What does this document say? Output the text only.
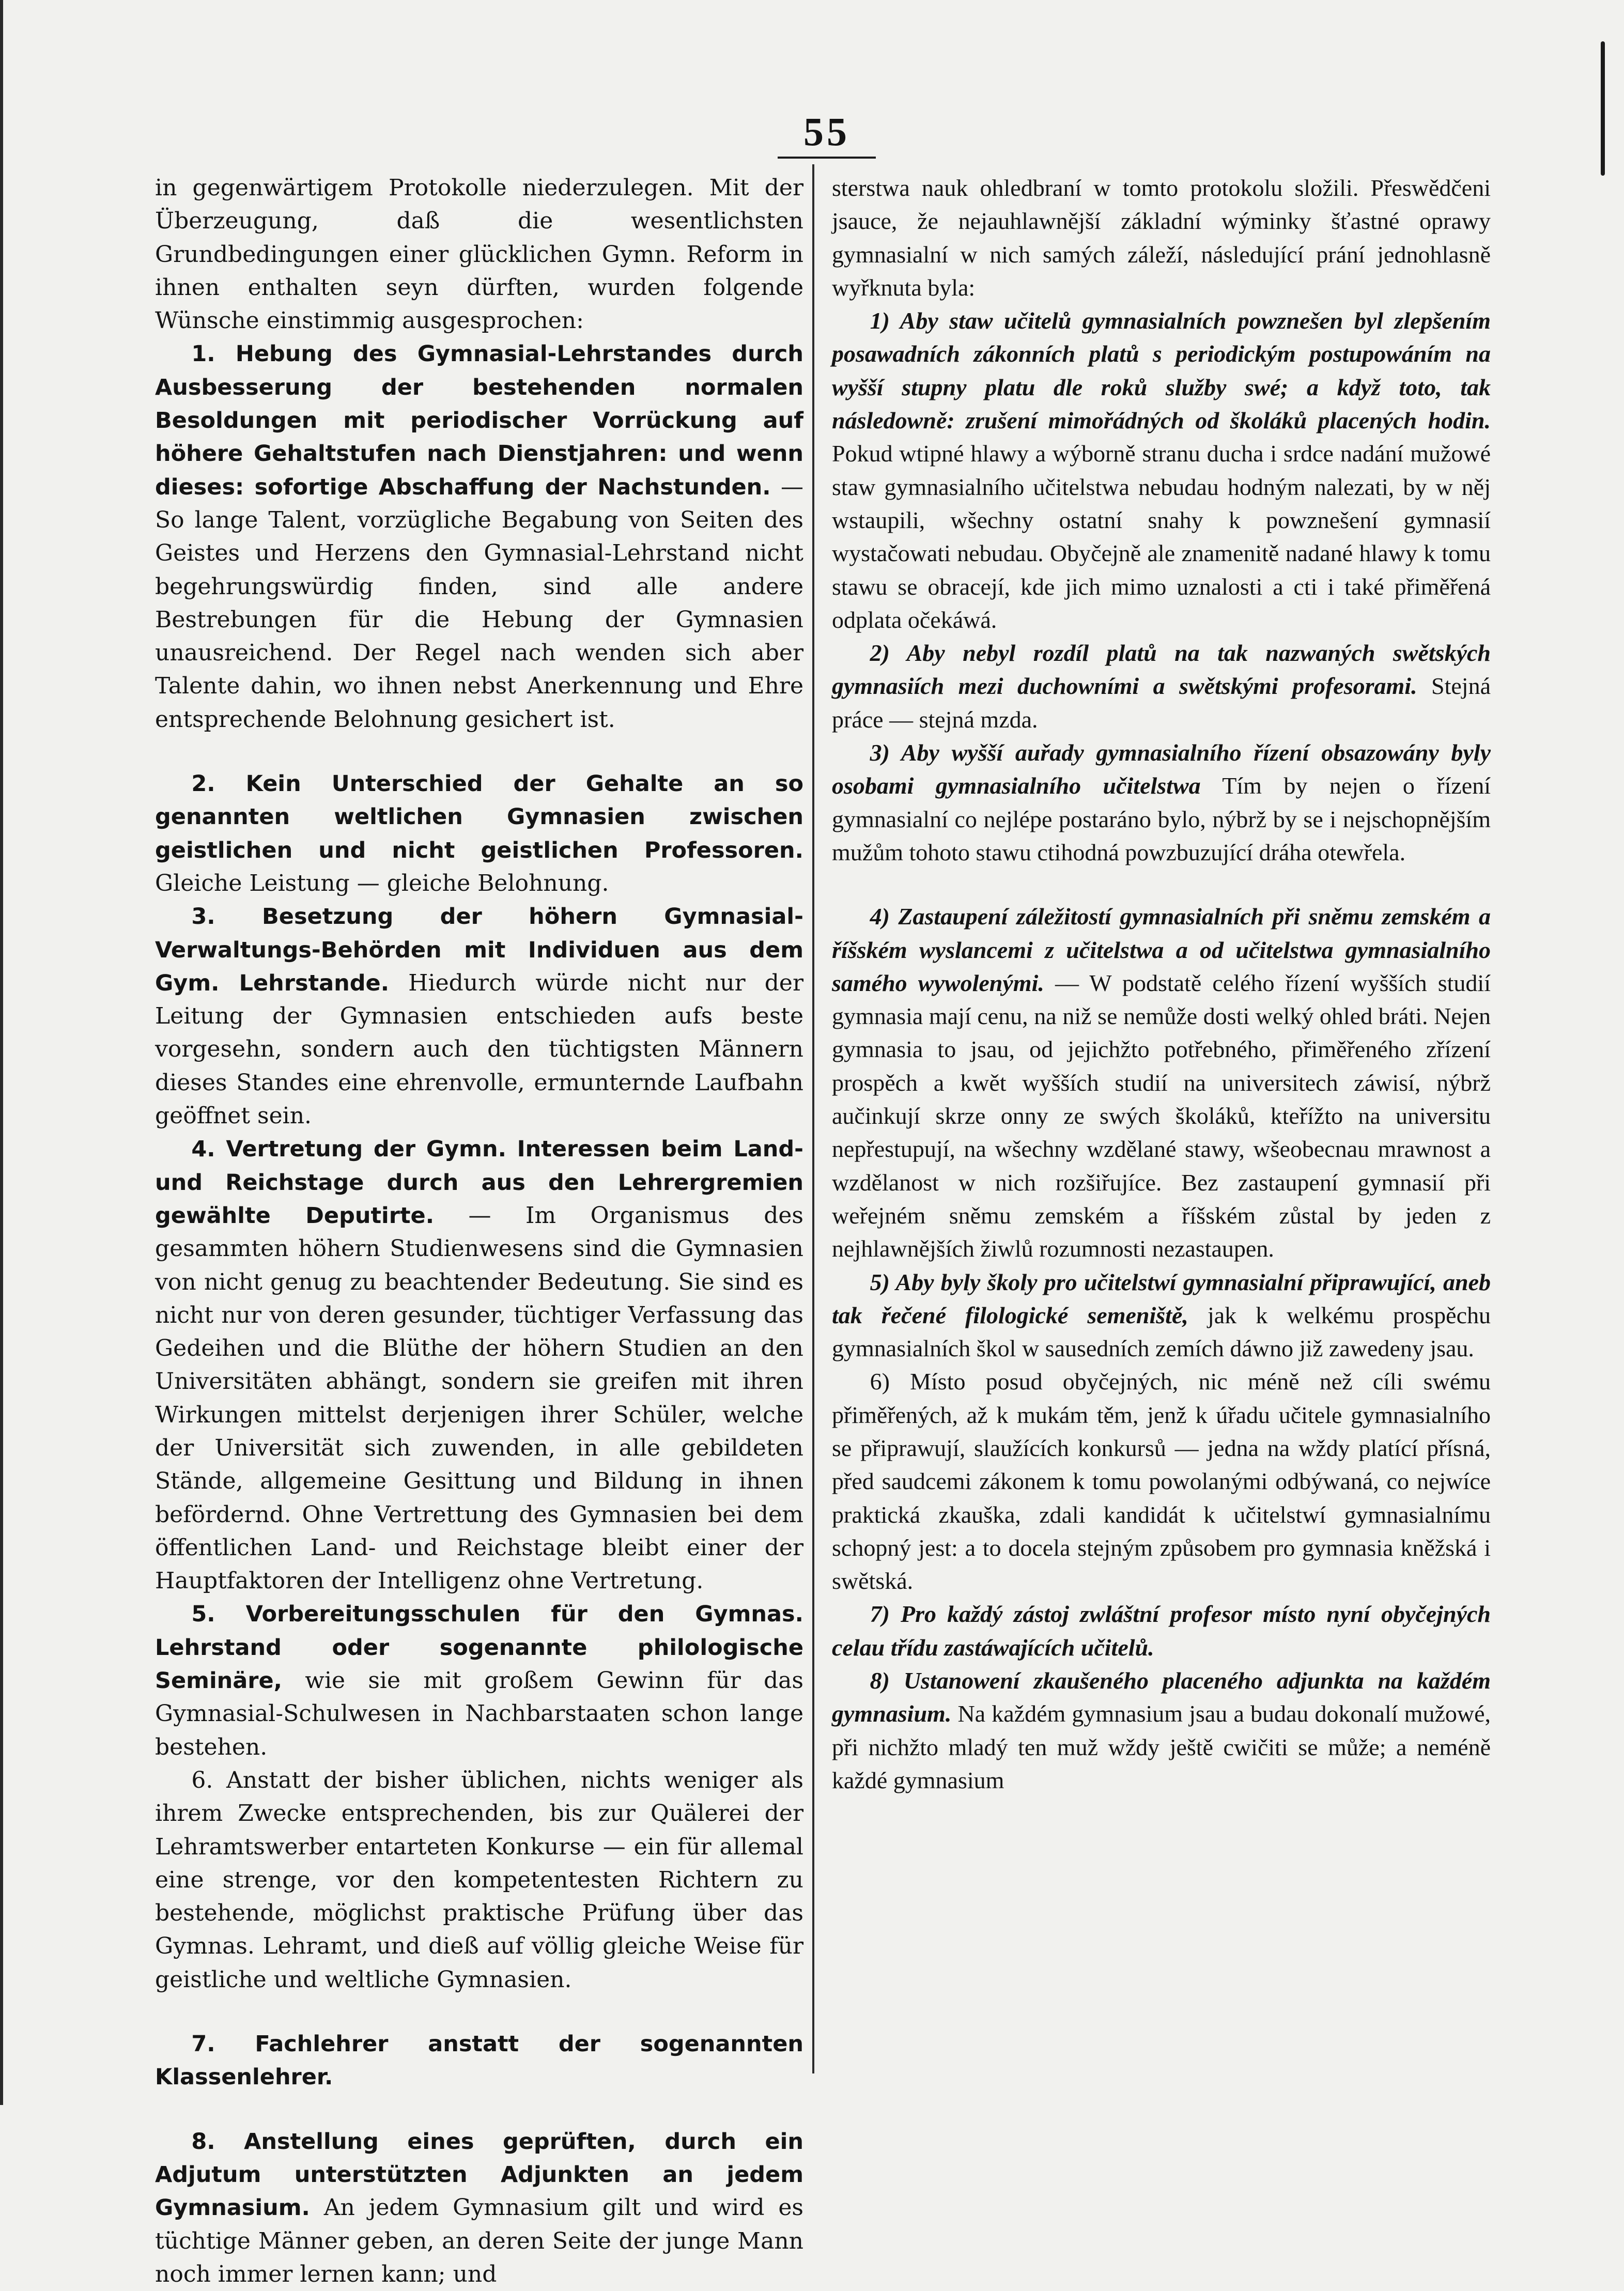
55

in gegenwärtigem Protokolle niederzulegen. Mit der Überzeugung, daß die wesentlichsten Grundbedingungen einer glücklichen Gymn. Reform in ihnen enthalten seyn dürften, wurden folgende Wünsche einstimmig ausgesprochen:

1. Hebung des Gymnasial-Lehrstandes durch Ausbesserung der bestehenden normalen Besoldungen mit periodischer Vorrückung auf höhere Gehaltstufen nach Dienstjahren: und wenn dieses: sofortige Abschaffung der Nachstunden. — So lange Talent, vorzügliche Begabung von Seiten des Geistes und Herzens den Gymnasial-Lehrstand nicht begehrungswürdig finden, sind alle andere Bestrebungen für die Hebung der Gymnasien unausreichend. Der Regel nach wenden sich aber Talente dahin, wo ihnen nebst Anerkennung und Ehre entsprechende Belohnung gesichert ist.

2. Kein Unterschied der Gehalte an so genannten weltlichen Gymnasien zwischen geistlichen und nicht geistlichen Professoren. Gleiche Leistung — gleiche Belohnung.

3. Besetzung der höhern Gymnasial-Verwaltungs-Behörden mit Individuen aus dem Gym. Lehrstande. Hiedurch würde nicht nur der Leitung der Gymnasien entschieden aufs beste vorgesehn, sondern auch den tüchtigsten Männern dieses Standes eine ehrenvolle, ermunternde Laufbahn geöffnet sein.

4. Vertretung der Gymn. Interessen beim Land- und Reichstage durch aus den Lehrergremien gewählte Deputirte. — Im Organismus des gesammten höhern Studienwesens sind die Gymnasien von nicht genug zu beachtender Bedeutung. Sie sind es nicht nur von deren gesunder, tüchtiger Verfassung das Gedeihen und die Blüthe der höhern Studien an den Universitäten abhängt, sondern sie greifen mit ihren Wirkungen mittelst derjenigen ihrer Schüler, welche der Universität sich zuwenden, in alle gebildeten Stände, allgemeine Gesittung und Bildung in ihnen befördernd. Ohne Vertrettung des Gymnasien bei dem öffentlichen Land- und Reichstage bleibt einer der Hauptfaktoren der Intelligenz ohne Vertretung.

5. Vorbereitungsschulen für den Gymnas. Lehrstand oder sogenannte philologische Seminäre, wie sie mit großem Gewinn für das Gymnasial-Schulwesen in Nachbarstaaten schon lange bestehen.

6. Anstatt der bisher üblichen, nichts weniger als ihrem Zwecke entsprechenden, bis zur Quälerei der Lehramtswerber entarteten Konkurse — ein für allemal eine strenge, vor den kompetentesten Richtern zu bestehende, möglichst praktische Prüfung über das Gymnas. Lehramt, und dieß auf völlig gleiche Weise für geistliche und weltliche Gymnasien.

7. Fachlehrer anstatt der sogenannten Klassenlehrer.

8. Anstellung eines geprüften, durch ein Adjutum unterstützten Adjunkten an jedem Gymnasium. An jedem Gymnasium gilt und wird es tüchtige Männer geben, an deren Seite der junge Mann noch immer lernen kann; und

sterstwa nauk ohledbraní w tomto protokolu složili. Přeswědčeni jsauce, že nejauhlawnější základní wýminky šťastné oprawy gymnasialní w nich samých záleží, následující prání jednohlasně wyřknuta byla:

1) Aby staw učitelů gymnasialních powznešen byl zlepšením posawadních zákonních platů s periodickým postupowáním na wyšší stupny platu dle roků služby swé; a když toto, tak následowně: zrušení mimořádných od školáků placených hodin. Pokud wtipné hlawy a wýborně stranu ducha i srdce nadání mužowé staw gymnasialního učitelstwa nebudau hodným nalezati, by w něj wstaupili, wšechny ostatní snahy k powznešení gymnasií wystačowati nebudau. Obyčejně ale znamenitě nadané hlawy k tomu stawu se obracejí, kde jich mimo uznalosti a cti i také přiměřená odplata očekáwá.

2) Aby nebyl rozdíl platů na tak nazwaných swětských gymnasiích mezi duchowními a swětskými profesorami. Stejná práce — stejná mzda.

3) Aby wyšší auřady gymnasialního řízení obsazowány byly osobami gymnasialního učitelstwa Tím by nejen o řízení gymnasialní co nejlépe postaráno bylo, nýbrž by se i nejschopnějším mužům tohoto stawu ctihodná powzbuzující dráha otewřela.

4) Zastaupení záležitostí gymnasialních při sněmu zemském a říšském wyslancemi z učitelstwa a od učitelstwa gymnasialního samého wywolenými. — W podstatě celého řízení wyšších studií gymnasia mají cenu, na niž se nemůže dosti welký ohled bráti. Nejen gymnasia to jsau, od jejichžto potřebného, přiměřeného zřízení prospěch a kwět wyšších studií na universitech záwisí, nýbrž aučinkují skrze onny ze swých školáků, kteřížto na universitu nepřestupují, na wšechny wzdělané stawy, wšeobecnau mrawnost a wzdělanost w nich rozšiřujíce. Bez zastaupení gymnasií při weřejném sněmu zemském a říšském zůstal by jeden z nejhlawnějších žiwlů rozumnosti nezastaupen.

5) Aby byly školy pro učitelstwí gymnasialní připrawující, aneb tak řečené filologické semeniště, jak k welkému prospěchu gymnasialních škol w sausedních zemích dáwno již zawedeny jsau.

6) Místo posud obyčejných, nic méně než cíli swému přiměřených, až k mukám těm, jenž k úřadu učitele gymnasialního se připrawují, slaužících konkursů — jedna na wždy platící přísná, před saudcemi zákonem k tomu powolanými odbýwaná, co nejwíce praktická zkauška, zdali kandidát k učitelstwí gymnasialnímu schopný jest: a to docela stejným způsobem pro gymnasia kněžská i swětská.

7) Pro každý zástoj zwláštní profesor místo nyní obyčejných celau třídu zastáwajících učitelů.

8) Ustanowení zkaušeného placeného adjunkta na každém gymnasium. Na každém gymnasium jsau a budau dokonalí mužowé, při nichžto mladý ten muž wždy ještě cwičiti se může; a neméně každé gymnasium
